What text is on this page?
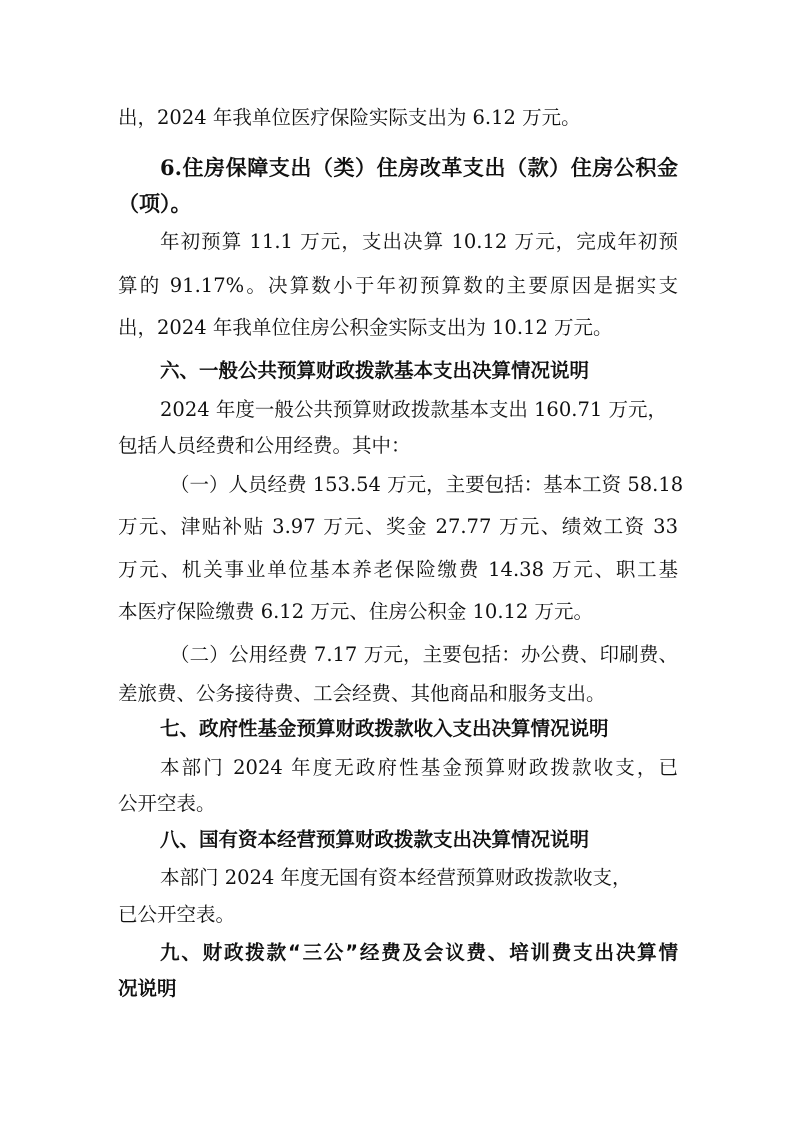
出，2024 年我单位医疗保险实际支出为 6.12 万元。
6.住房保障支出（类）住房改革支出（款）住房公积金
（项）。
年初预算 11.1 万元，支出决算 10.12 万元，完成年初预
算的 91.17%。决算数小于年初预算数的主要原因是据实支
出，2024 年我单位住房公积金实际支出为 10.12 万元。
六、一般公共预算财政拨款基本支出决算情况说明
2024 年度一般公共预算财政拨款基本支出 160.71 万元，
包括人员经费和公用经费。其中：
（一）人员经费 153.54 万元，主要包括：基本工资 58.18
万元、津贴补贴 3.97 万元、奖金 27.77 万元、绩效工资 33
万元、机关事业单位基本养老保险缴费 14.38 万元、职工基
本医疗保险缴费 6.12 万元、住房公积金 10.12 万元。
（二）公用经费 7.17 万元，主要包括：办公费、印刷费、
差旅费、公务接待费、工会经费、其他商品和服务支出。
七、政府性基金预算财政拨款收入支出决算情况说明
本部门 2024 年度无政府性基金预算财政拨款收支，已
公开空表。
八、国有资本经营预算财政拨款支出决算情况说明
本部门 2024 年度无国有资本经营预算财政拨款收支，
已公开空表。
九、财政拨款“三公”经费及会议费、培训费支出决算情
况说明
